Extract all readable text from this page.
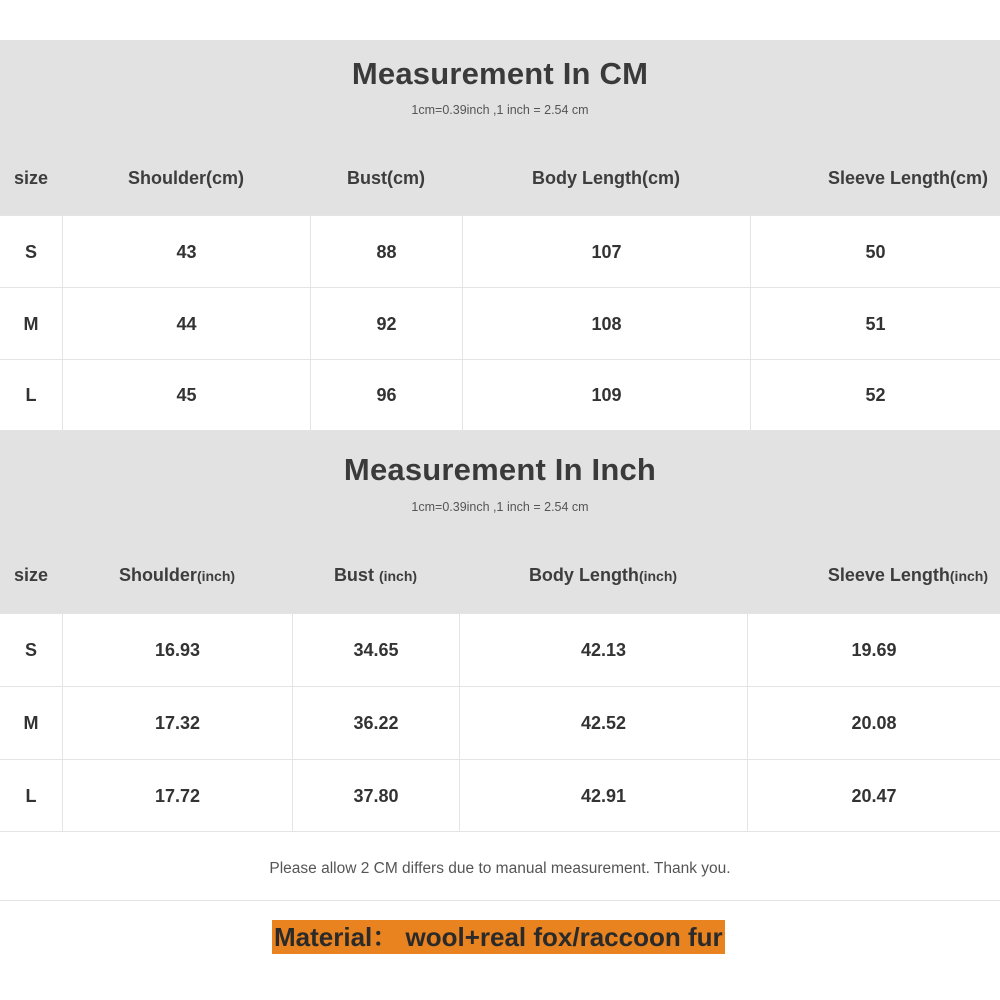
Measurement In CM
1cm=0.39inch ,1 inch = 2.54 cm
size	Shoulder(cm)	Bust(cm)	Body Length(cm)	Sleeve Length(cm)
S	43	88	107	50
M	44	92	108	51
L	45	96	109	52
Measurement In Inch
1cm=0.39inch ,1 inch = 2.54 cm
size	Shoulder(inch)	Bust (inch)	Body Length(inch)	Sleeve Length(inch)
S	16.93	34.65	42.13	19.69
M	17.32	36.22	42.52	20.08
L	17.72	37.80	42.91	20.47
Please allow 2 CM differs due to manual measurement. Thank you.
Material： wool+real fox/raccoon fur
